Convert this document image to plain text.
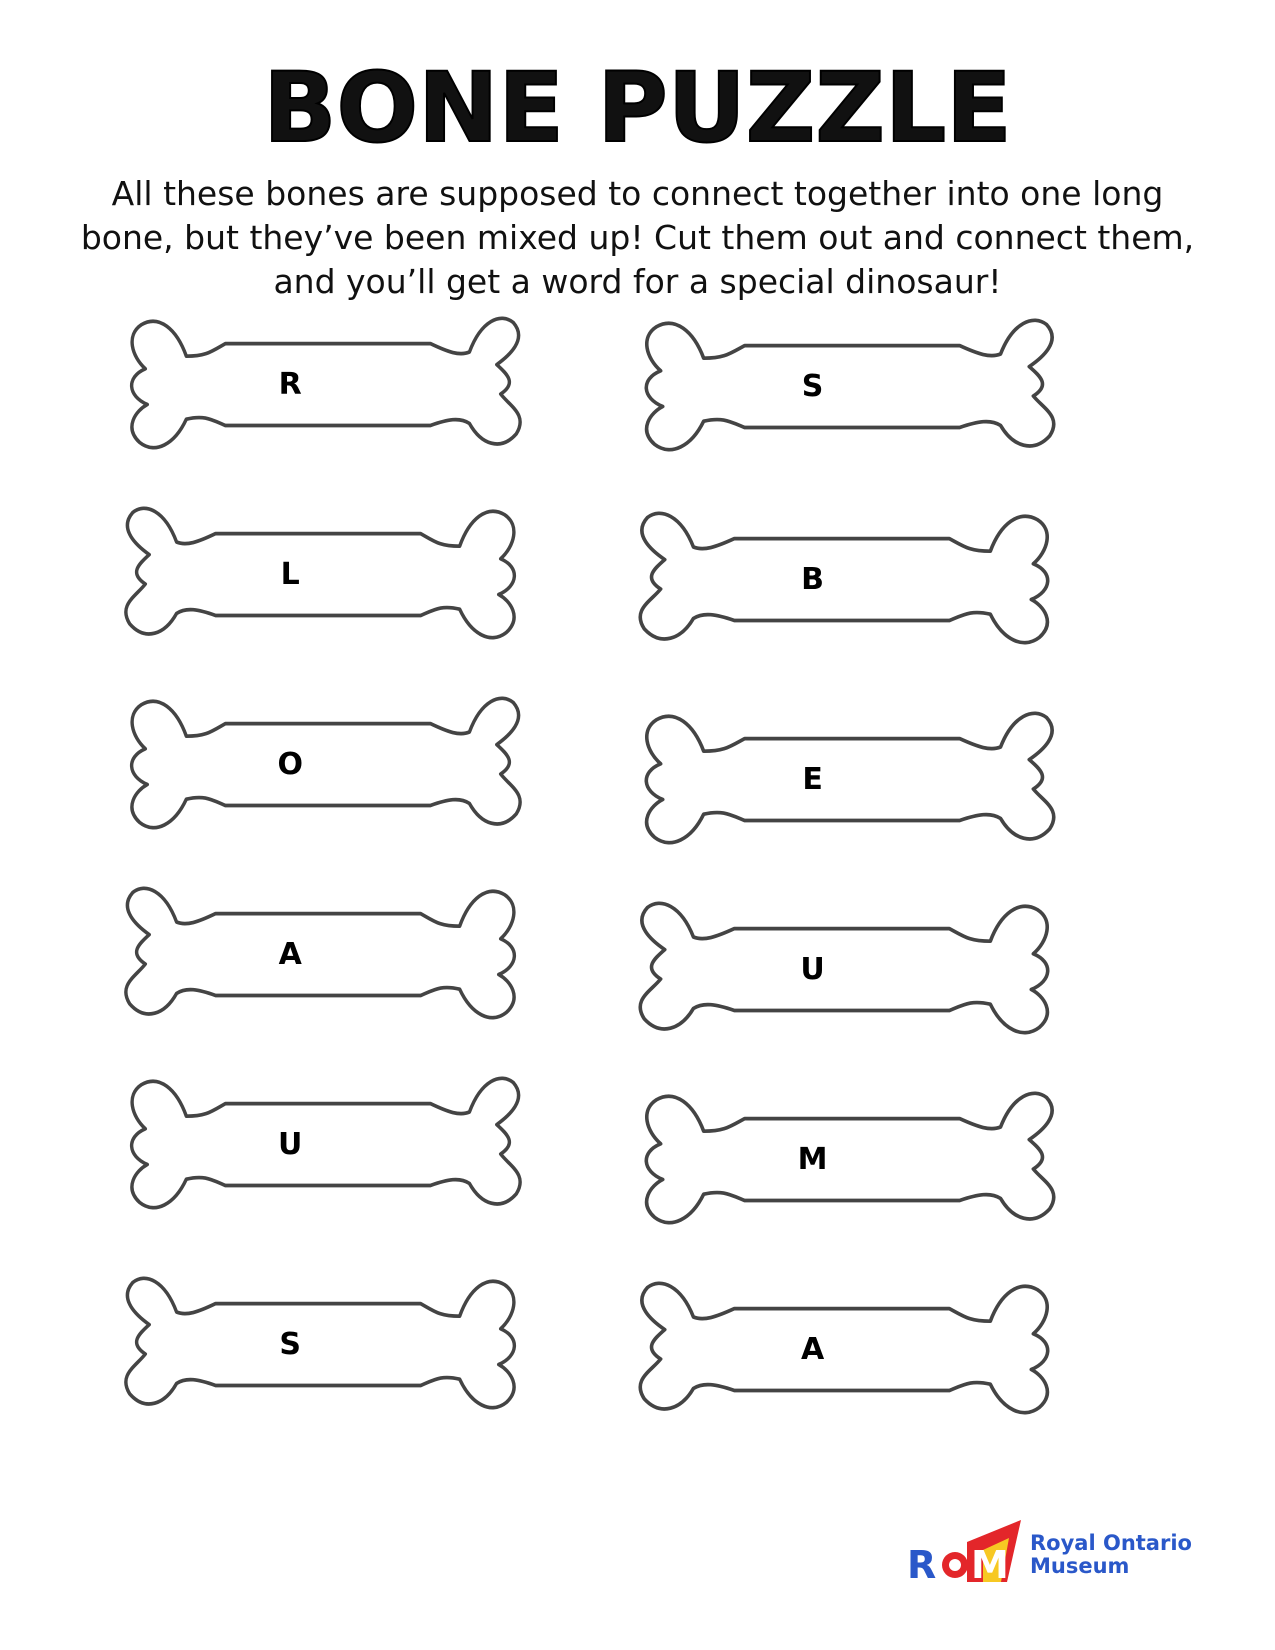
BONE PUZZLE
All these bones are supposed to connect together into one long
bone, but they’ve been mixed up! Cut them out and connect them,
and you’ll get a word for a special dinosaur!
R
L
O
A
U
S
S
B
E
U
M
A
R M Royal Ontario
Museum
